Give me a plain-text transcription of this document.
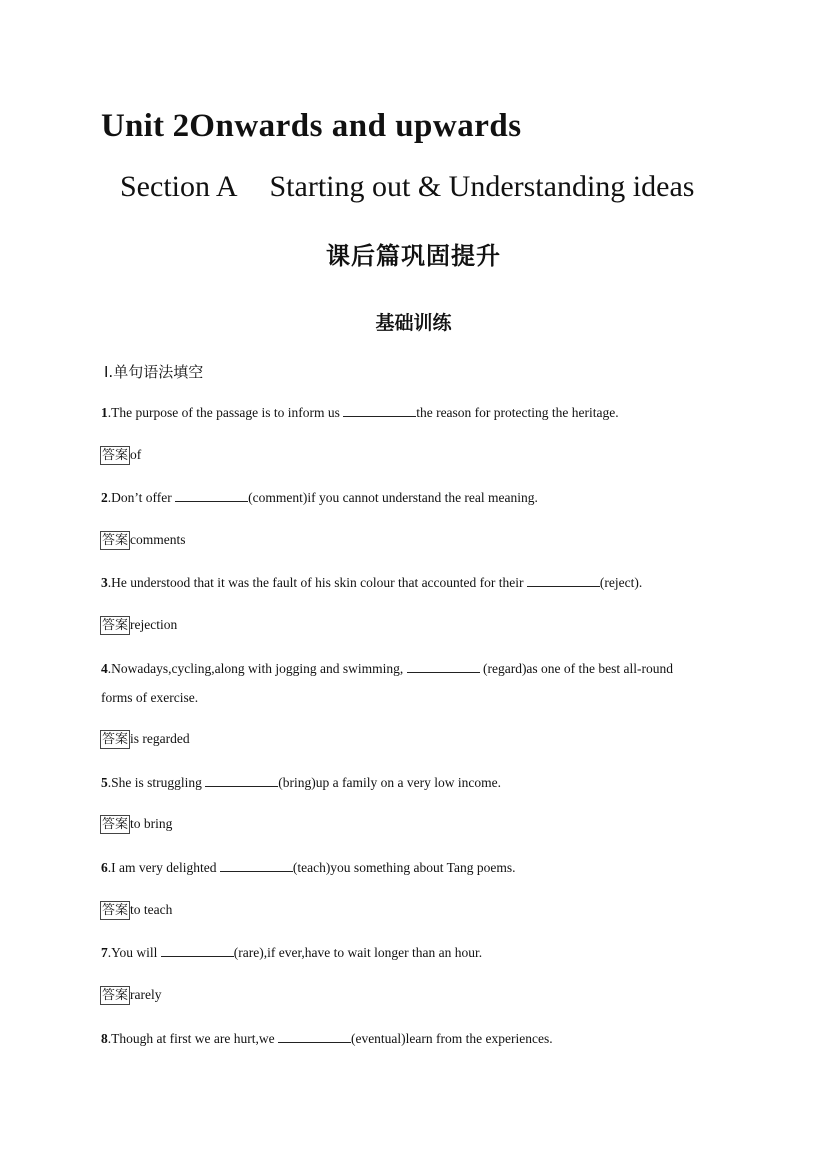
Unit 2Onwards and upwards
Section A Starting out & Understanding ideas
课后篇巩固提升
基础训练
Ⅰ.单句语法填空
1.The purpose of the passage is to inform us	the reason for protecting the heritage.
答案 of
2.Don’t offer	(comment)if you cannot understand the real meaning.
答案 comments
3.He understood that it was the fault of his skin colour that accounted for their	(reject).
答案 rejection
4.Nowadays,cycling,along with jogging and swimming,	(regard)as one of the best all-round
forms of exercise.
答案 is regarded
5.She is struggling	(bring)up a family on a very low income.
答案 to bring
6.I am very delighted	(teach)you something about Tang poems.
答案 to teach
7.You will	(rare),if ever,have to wait longer than an hour.
答案 rarely
8.Though at first we are hurt,we	(eventual)learn from the experiences.
